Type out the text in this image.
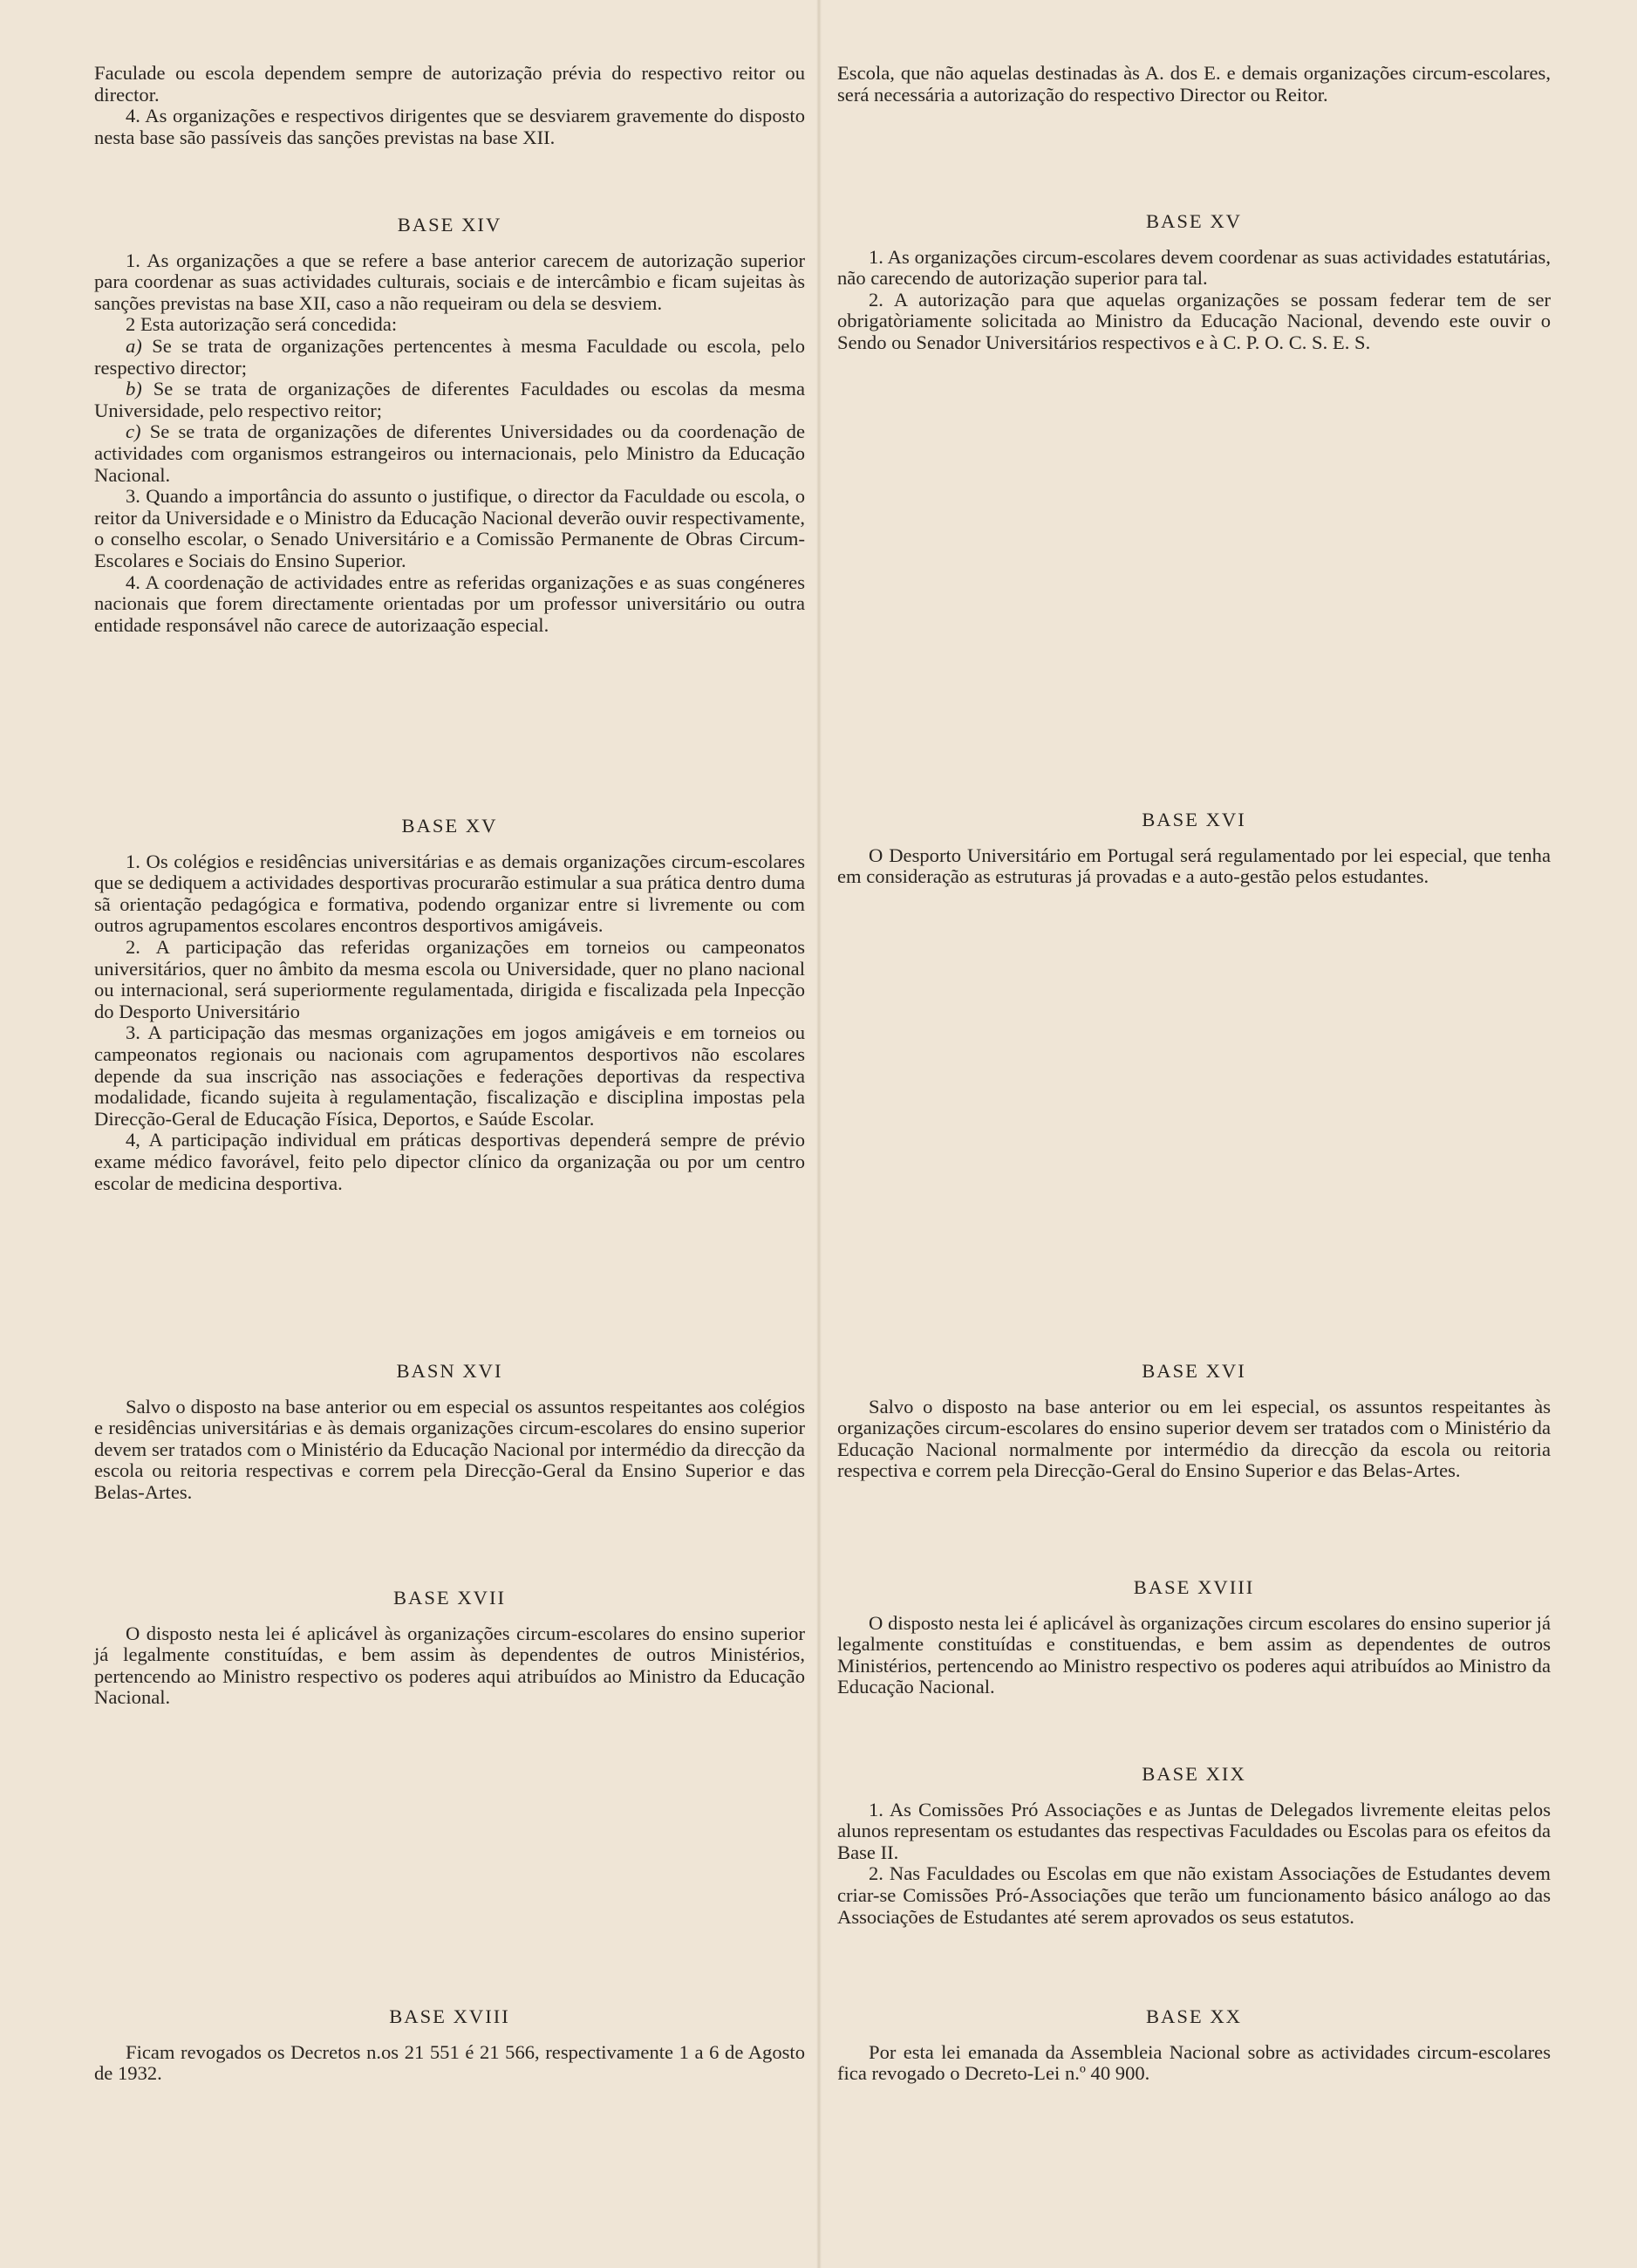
Faculade ou escola dependem sempre de autorização prévia do respectivo reitor ou director.

4. As organizações e respectivos dirigentes que se desviarem gravemente do disposto nesta base são passíveis das sanções previstas na base XII.

BASE XIV

1. As organizações a que se refere a base anterior carecem de autorização superior para coordenar as suas actividades culturais, sociais e de intercâmbio e ficam sujeitas às sanções previstas na base XII, caso a não requeiram ou dela se desviem.

2 Esta autorização será concedida:

a) Se se trata de organizações pertencentes à mesma Faculdade ou escola, pelo respectivo director;

b) Se se trata de organizações de diferentes Faculdades ou escolas da mesma Universidade, pelo respectivo reitor;

c) Se se trata de organizações de diferentes Universidades ou da coordenação de actividades com organismos estrangeiros ou internacionais, pelo Ministro da Educação Nacional.

3. Quando a importância do assunto o justifique, o director da Faculdade ou escola, o reitor da Universidade e o Ministro da Educação Nacional deverão ouvir respectivamente, o conselho escolar, o Senado Universitário e a Comissão Permanente de Obras Circum-Escolares e Sociais do Ensino Superior.

4. A coordenação de actividades entre as referidas organizações e as suas congéneres nacionais que forem directamente orientadas por um professor universitário ou outra entidade responsável não carece de autorizaação especial.

BASE XV

1. Os colégios e residências universitárias e as demais organizações circum-escolares que se dediquem a actividades desportivas procurarão estimular a sua prática dentro duma sã orientação pedagógica e formativa, podendo organizar entre si livremente ou com outros agrupamentos escolares encontros desportivos amigáveis.

2. A participação das referidas organizações em torneios ou campeonatos universitários, quer no âmbito da mesma escola ou Universidade, quer no plano nacional ou internacional, será superiormente regulamentada, dirigida e fiscalizada pela Inpecção do Desporto Universitário

3. A participação das mesmas organizações em jogos amigáveis e em torneios ou campeonatos regionais ou nacionais com agrupamentos desportivos não escolares depende da sua inscrição nas associações e federações deportivas da respectiva modalidade, ficando sujeita à regulamentação, fiscalização e disciplina impostas pela Direcção-Geral de Educação Física, Deportos, e Saúde Escolar.

4, A participação individual em práticas desportivas dependerá sempre de prévio exame médico favorável, feito pelo dipector clínico da organizaçãa ou por um centro escolar de medicina desportiva.

BASN XVI

Salvo o disposto na base anterior ou em especial os assuntos respeitantes aos colégios e residências universitárias e às demais organizações circum-escolares do ensino superior devem ser tratados com o Ministério da Educação Nacional por intermédio da direcção da escola ou reitoria respectivas e correm pela Direcção-Geral da Ensino Superior e das Belas-Artes.

BASE XVII

O disposto nesta lei é aplicável às organizações circum-escolares do ensino superior já legalmente constituídas, e bem assim às dependentes de outros Ministérios, pertencendo ao Ministro respectivo os poderes aqui atribuídos ao Ministro da Educação Nacional.

BASE XVIII

Ficam revogados os Decretos n.os 21 551 é 21 566, respectivamente 1 a 6 de Agosto de 1932.

Escola, que não aquelas destinadas às A. dos E. e demais organizações circum-escolares, será necessária a autorização do respectivo Director ou Reitor.

BASE XV

1. As organizações circum-escolares devem coordenar as suas actividades estatutárias, não carecendo de autorização superior para tal.

2. A autorização para que aquelas organizações se possam federar tem de ser obrigatòriamente solicitada ao Ministro da Educação Nacional, devendo este ouvir o Sendo ou Senador Universitários respectivos e à C. P. O. C. S. E. S.

BASE XVI

O Desporto Universitário em Portugal será regulamentado por lei especial, que tenha em consideração as estruturas já provadas e a auto-gestão pelos estudantes.

BASE XVI

Salvo o disposto na base anterior ou em lei especial, os assuntos respeitantes às organizações circum-escolares do ensino superior devem ser tratados com o Ministério da Educação Nacional normalmente por intermédio da direcção da escola ou reitoria respectiva e correm pela Direcção-Geral do Ensino Superior e das Belas-Artes.

BASE XVIII

O disposto nesta lei é aplicável às organizações circum escolares do ensino superior já legalmente constituídas e constituendas, e bem assim as dependentes de outros Ministérios, pertencendo ao Ministro respectivo os poderes aqui atribuídos ao Ministro da Educação Nacional.

BASE XIX

1. As Comissões Pró Associações e as Juntas de Delegados livremente eleitas pelos alunos representam os estudantes das respectivas Faculdades ou Escolas para os efeitos da Base II.

2. Nas Faculdades ou Escolas em que não existam Associações de Estudantes devem criar-se Comissões Pró-Associações que terão um funcionamento básico análogo ao das Associações de Estudantes até serem aprovados os seus estatutos.

BASE XX

Por esta lei emanada da Assembleia Nacional sobre as actividades circum-escolares fica revogado o Decreto-Lei n.º 40 900.
